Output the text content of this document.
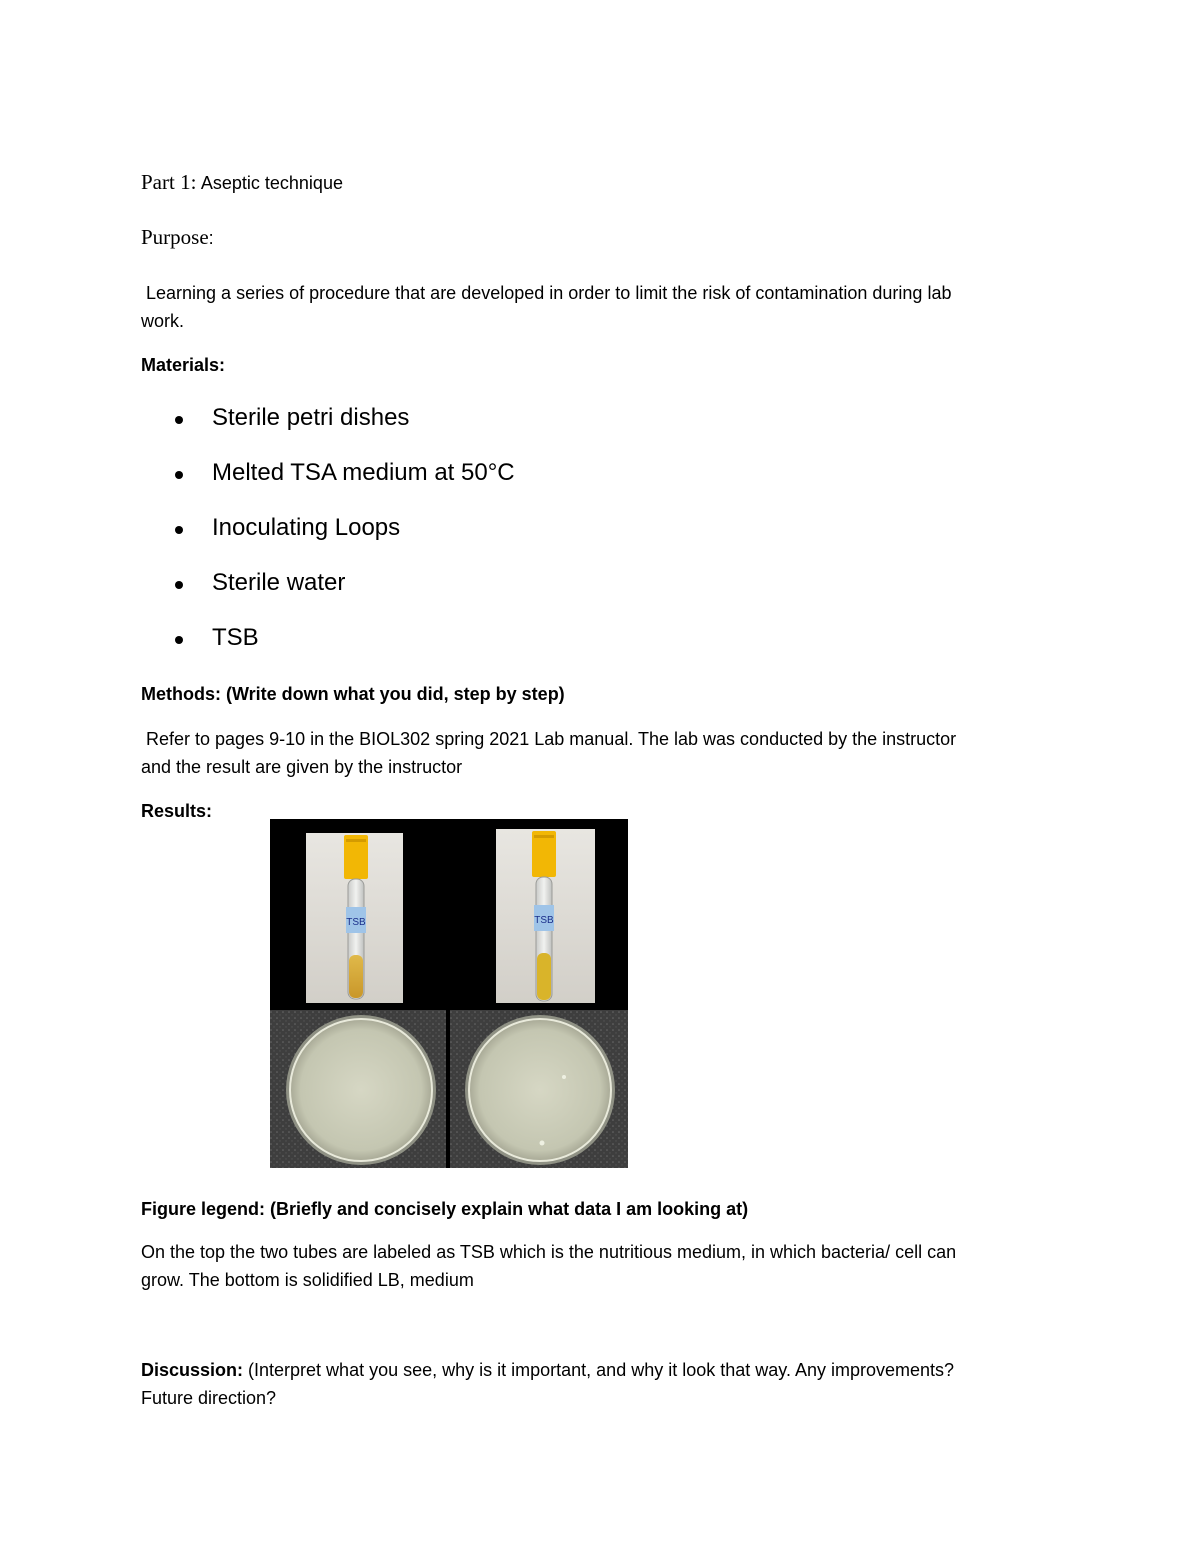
Part 1: Aseptic technique
Purpose:
Learning a series of procedure that are developed in order to limit the risk of contamination during lab
work.
Materials:
Sterile petri dishes
Melted TSA medium at 50°C
Inoculating Loops
Sterile water
TSB
Methods: (Write down what you did, step by step)
Refer to pages 9-10 in the BIOL302 spring 2021 Lab manual. The lab was conducted by the instructor
and the result are given by the instructor
Results:
TSB	TSB
Figure legend: (Briefly and concisely explain what data I am looking at)
On the top the two tubes are labeled as TSB which is the nutritious medium, in which bacteria/ cell can
grow. The bottom is solidified LB, medium
Discussion: (Interpret what you see, why is it important, and why it look that way. Any improvements?
Future direction?
